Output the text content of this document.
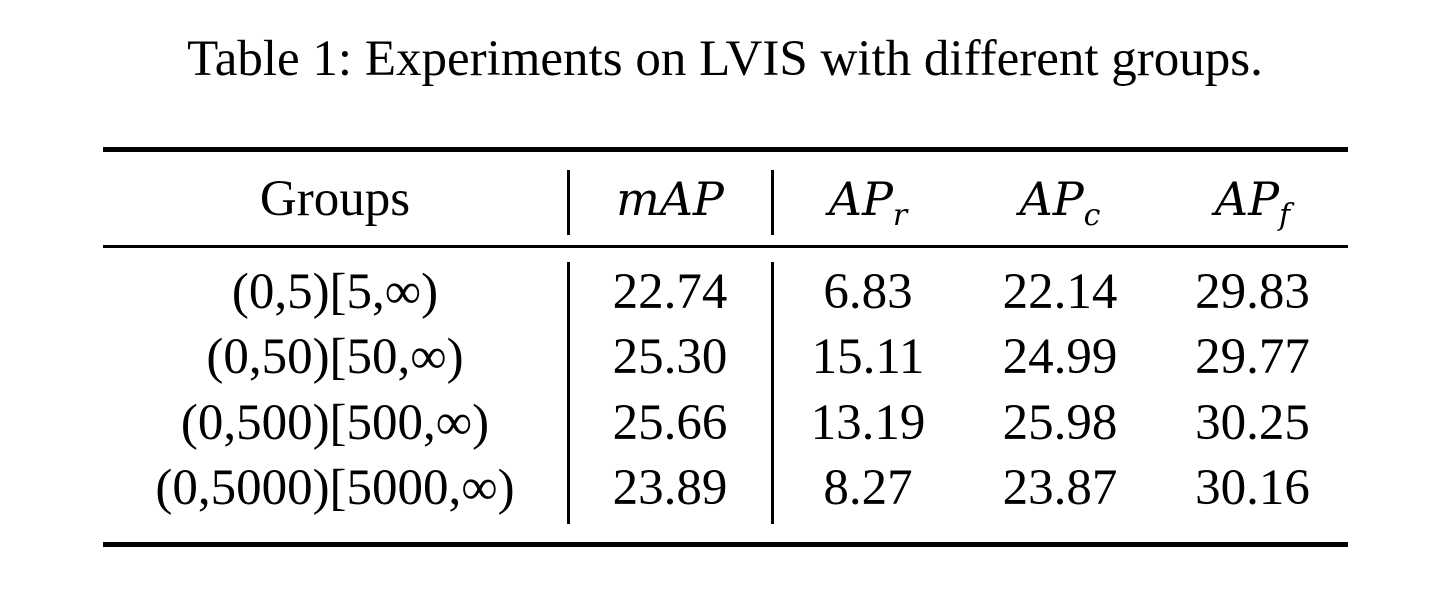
Table 1: Experiments on LVIS with different groups.
Groups	mAP	$AP_r$	$AP_c$	$AP_f$
(0,5)[5,∞)	22.74	6.83	22.14	29.83
(0,50)[50,∞)	25.30	15.11	24.99	29.77
(0,500)[500,∞)	25.66	13.19	25.98	30.25
(0,5000)[5000,∞)	23.89	8.27	23.87	30.16
